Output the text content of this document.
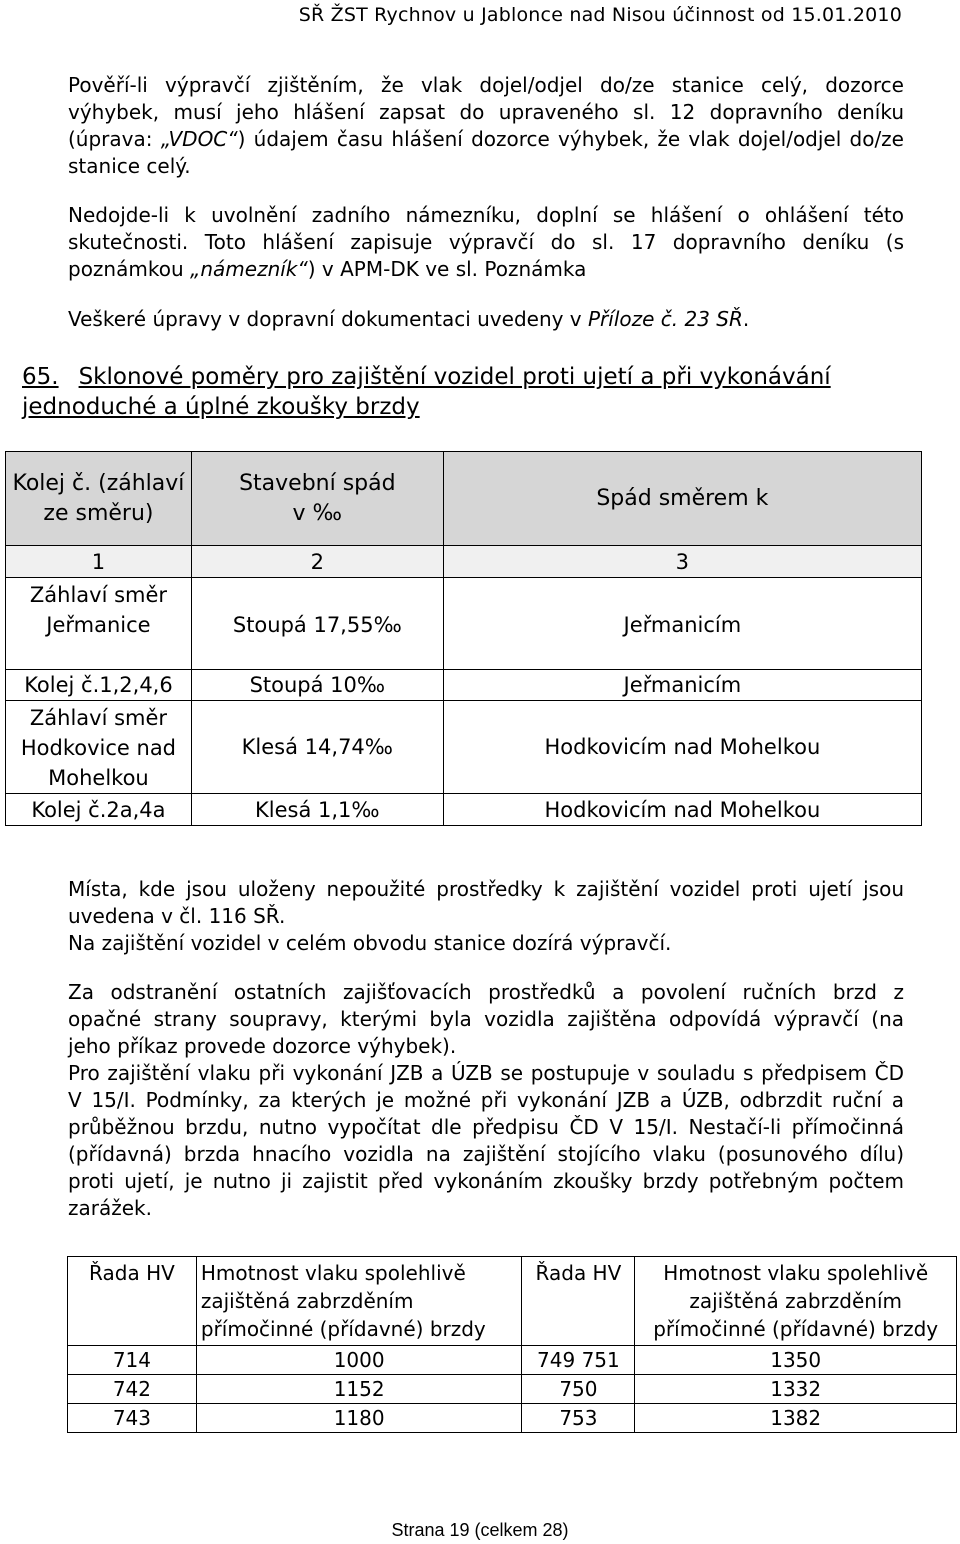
SŘ ŽST Rychnov u Jablonce nad Nisou účinnost od 15.01.2010
Pověří-li výpravčí zjištěním, že vlak dojel/odjel do/ze stanice celý, dozorce
výhybek, musí jeho hlášení zapsat do upraveného sl. 12 dopravního deníku
(úprava: „VDOC“) údajem času hlášení dozorce výhybek, že vlak dojel/odjel do/ze
stanice celý.
Nedojde-li k uvolnění zadního námezníku, doplní se hlášení o ohlášení této
skutečnosti. Toto hlášení zapisuje výpravčí do sl. 17 dopravního deníku (s
poznámkou „námezník“) v APM-DK ve sl. Poznámka
Veškeré úpravy v dopravní dokumentaci uvedeny v Příloze č. 23 SŘ.
65. Sklonové poměry pro zajištění vozidel proti ujetí a při vykonávání
jednoduché a úplné zkoušky brzdy
Kolej č. (záhlaví ze směru)	Stavební spád v ‰	Spád směrem k
1	2	3
Záhlaví směr Jeřmanice	Stoupá 17,55‰	Jeřmanicím
Kolej č.1,2,4,6	Stoupá 10‰	Jeřmanicím
Záhlaví směr Hodkovice nad Mohelkou	Klesá 14,74‰	Hodkovicím nad Mohelkou
Kolej č.2a,4a	Klesá 1,1‰	Hodkovicím nad Mohelkou
Místa, kde jsou uloženy nepoužité prostředky k zajištění vozidel proti ujetí jsou
uvedena v čl. 116 SŘ.
Na zajištění vozidel v celém obvodu stanice dozírá výpravčí.
Za odstranění ostatních zajišťovacích prostředků a povolení ručních brzd z
opačné strany soupravy, kterými byla vozidla zajištěna odpovídá výpravčí (na
jeho příkaz provede dozorce výhybek).
Pro zajištění vlaku při vykonání JZB a ÚZB se postupuje v souladu s předpisem ČD
V 15/I. Podmínky, za kterých je možné při vykonání JZB a ÚZB, odbrzdit ruční a
průběžnou brzdu, nutno vypočítat dle předpisu ČD V 15/I. Nestačí-li přímočinná
(přídavná) brzda hnacího vozidla na zajištění stojícího vlaku (posunového dílu)
proti ujetí, je nutno ji zajistit před vykonáním zkoušky brzdy potřebným počtem
zarážek.
Řada HV	Hmotnost vlaku spolehlivě zajištěná zabrzděním přímočinné (přídavné) brzdy	Řada HV	Hmotnost vlaku spolehlivě zajištěná zabrzděním přímočinné (přídavné) brzdy
714	1000	749 751	1350
742	1152	750	1332
743	1180	753	1382
Strana 19 (celkem 28)
